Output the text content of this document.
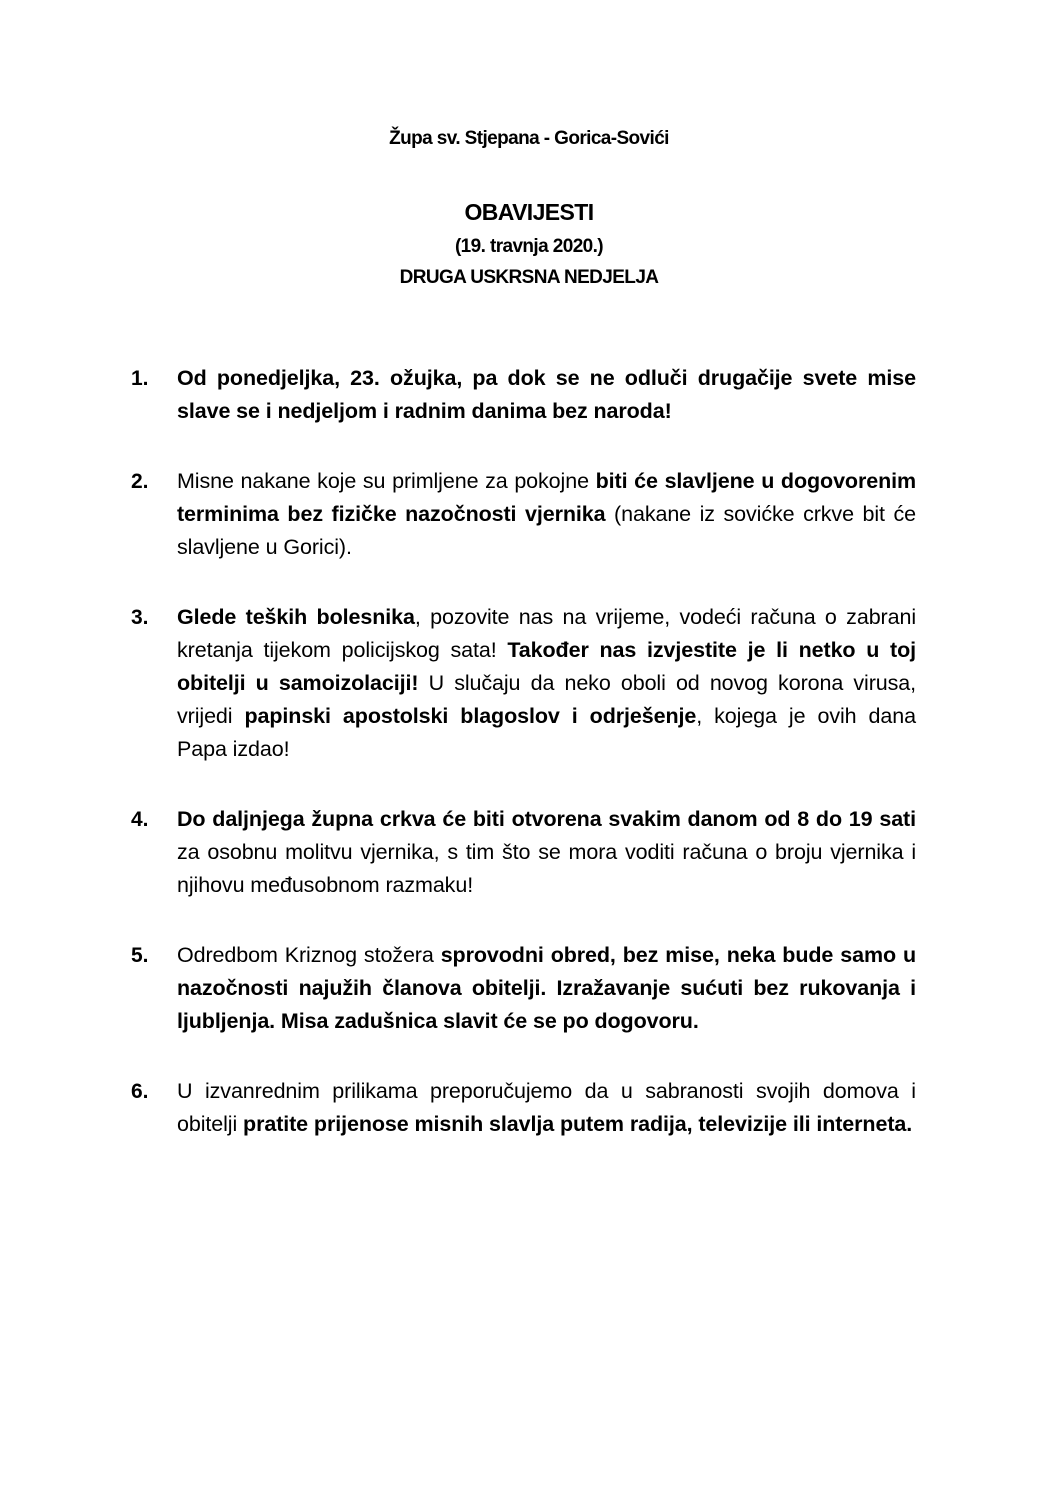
Župa sv. Stjepana - Gorica-Sovići
OBAVIJESTI
(19. travnja 2020.)
DRUGA USKRSNA NEDJELJA
1. Od ponedjeljka, 23. ožujka, pa dok se ne odluči drugačije svete mise slave se i nedjeljom i radnim danima bez naroda!
2. Misne nakane koje su primljene za pokojne biti će slavljene u dogovorenim terminima bez fizičke nazočnosti vjernika (nakane iz sovićke crkve bit će slavljene u Gorici).
3. Glede teških bolesnika, pozovite nas na vrijeme, vodeći računa o zabrani kretanja tijekom policijskog sata! Također nas izvjestite je li netko u toj obitelji u samoizolaciji! U slučaju da neko oboli od novog korona virusa, vrijedi papinski apostolski blagoslov i odrješenje, kojega je ovih dana Papa izdao!
4. Do daljnjega župna crkva će biti otvorena svakim danom od 8 do 19 sati za osobnu molitvu vjernika, s tim što se mora voditi računa o broju vjernika i njihovu međusobnom razmaku!
5. Odredbom Kriznog stožera sprovodni obred, bez mise, neka bude samo u nazočnosti najužih članova obitelji. Izražavanje sućuti bez rukovanja i ljubljenja. Misa zadušnica slavit će se po dogovoru.
6. U izvanrednim prilikama preporučujemo da u sabranosti svojih domova i obitelji pratite prijenose misnih slavlja putem radija, televizije ili interneta.
